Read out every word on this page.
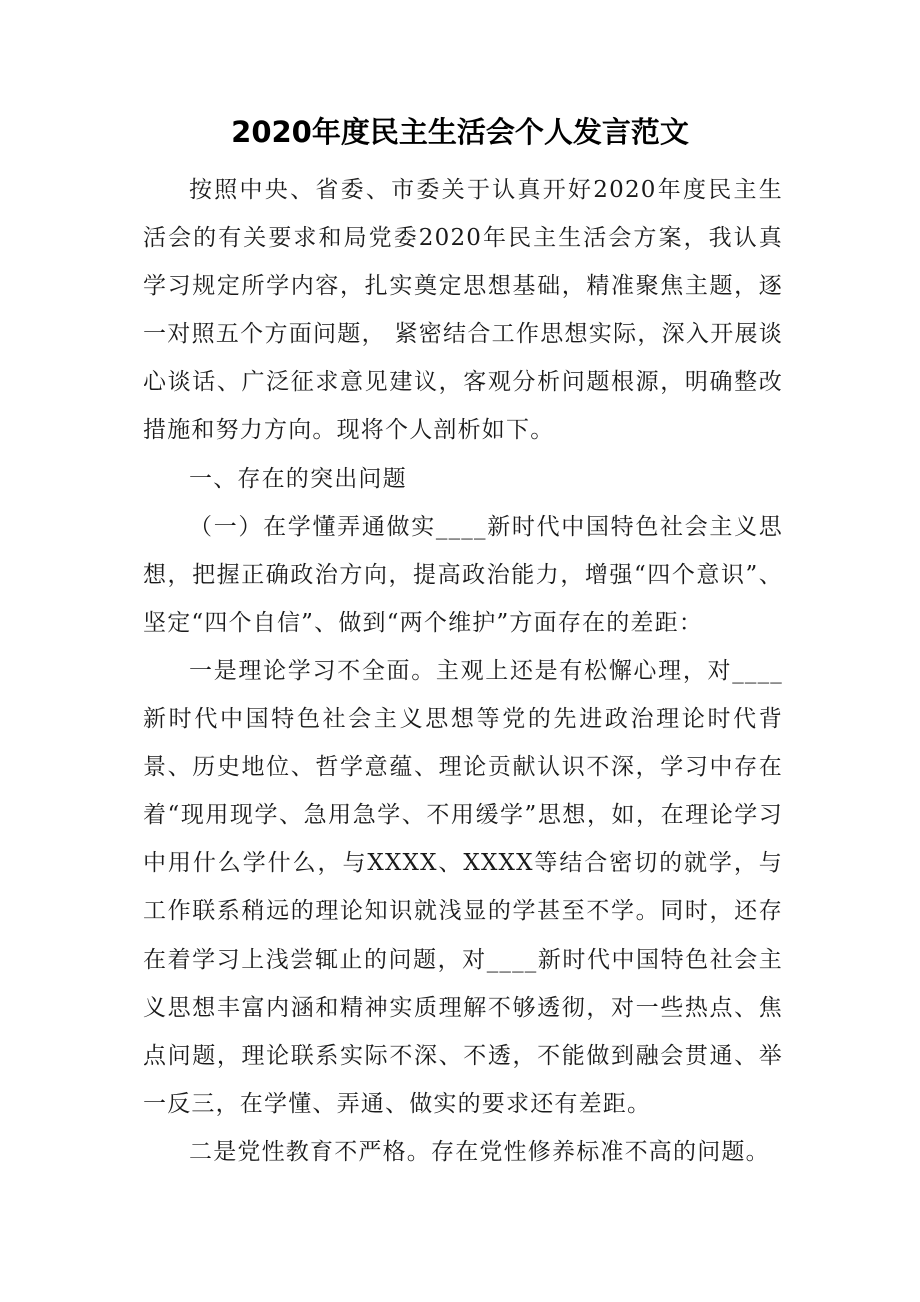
2020年度民主生活会个人发言范文

按照中央、省委、市委关于认真开好2020年度民主生活会的有关要求和局党委2020年民主生活会方案，我认真学习规定所学内容，扎实奠定思想基础，精准聚焦主题，逐一对照五个方面问题， 紧密结合工作思想实际，深入开展谈心谈话、广泛征求意见建议，客观分析问题根源，明确整改措施和努力方向。现将个人剖析如下。

一、存在的突出问题

（一）在学懂弄通做实____新时代中国特色社会主义思想，把握正确政治方向，提高政治能力，增强“四个意识”、坚定“四个自信”、做到“两个维护”方面存在的差距：

一是理论学习不全面。主观上还是有松懈心理，对____新时代中国特色社会主义思想等党的先进政治理论时代背景、历史地位、哲学意蕴、理论贡献认识不深，学习中存在着“现用现学、急用急学、不用缓学”思想，如，在理论学习中用什么学什么，与XXXX、XXXX等结合密切的就学，与工作联系稍远的理论知识就浅显的学甚至不学。同时，还存在着学习上浅尝辄止的问题，对____新时代中国特色社会主义思想丰富内涵和精神实质理解不够透彻，对一些热点、焦点问题，理论联系实际不深、不透，不能做到融会贯通、举一反三，在学懂、弄通、做实的要求还有差距。

二是党性教育不严格。存在党性修养标准不高的问题。
